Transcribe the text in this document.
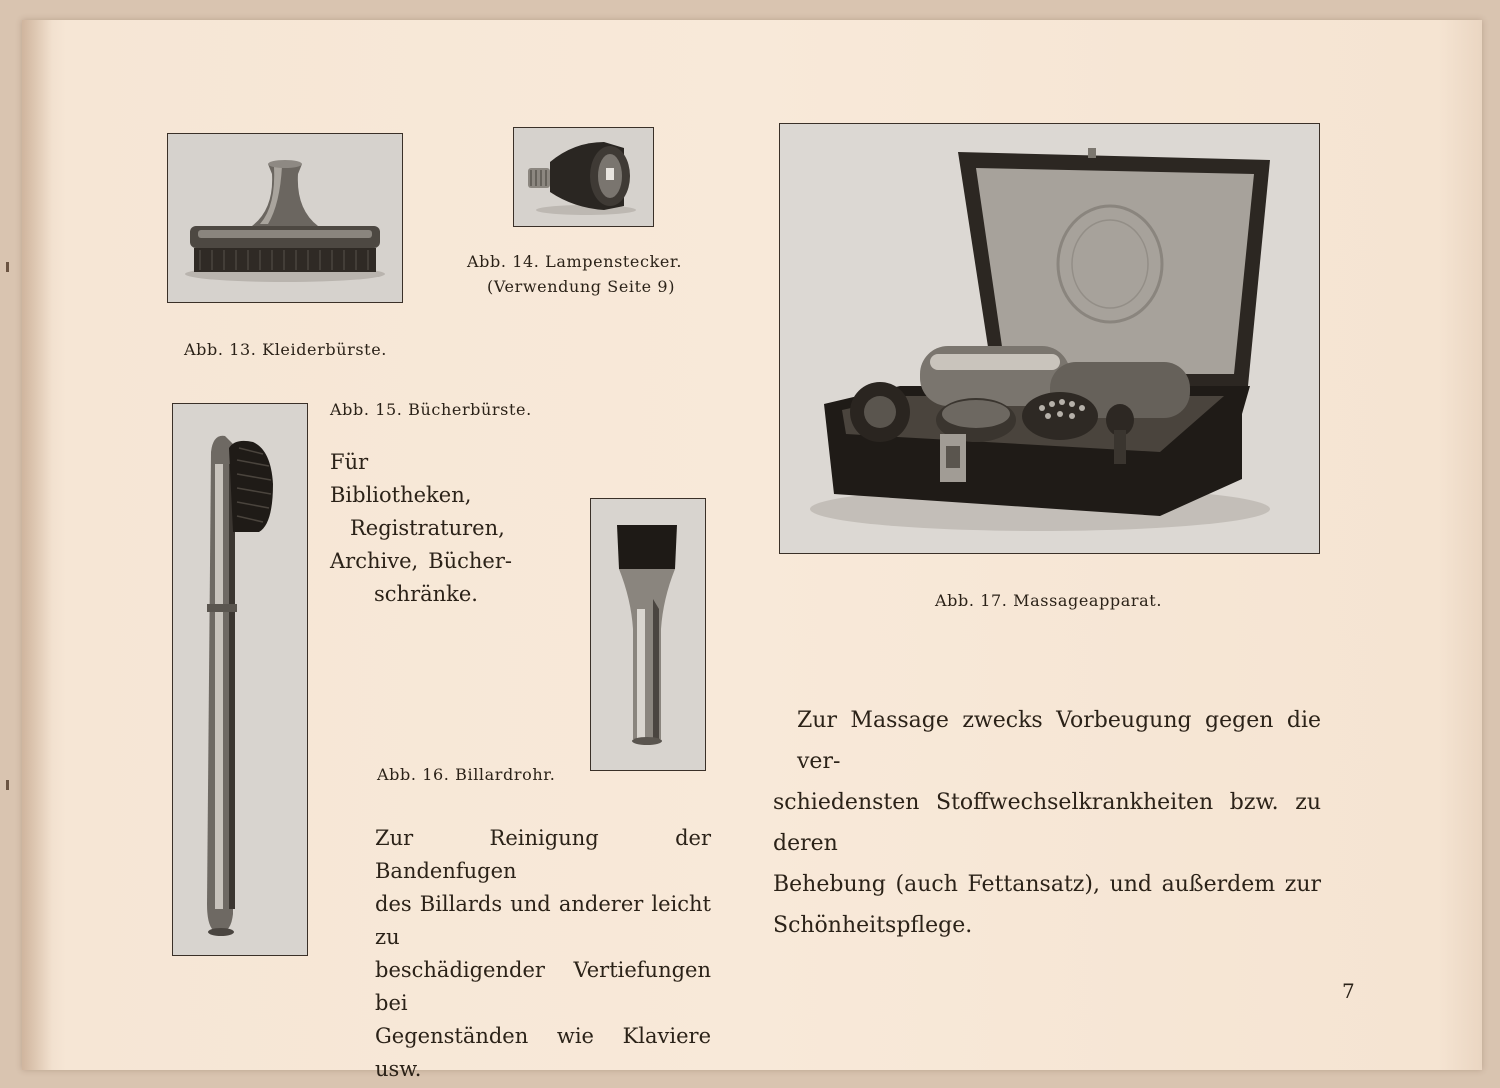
Abb. 13. Kleiderbürste.
Abb. 14. Lampenstecker.
(Verwendung Seite 9)
Abb. 15. Bücherbürste.
Für Bibliotheken,
Registraturen,
Archive, Bücher-
schränke.
Abb. 16. Billardrohr.
Zur Reinigung der Bandenfugen
des Billards und anderer leicht zu
beschädigender Vertiefungen bei
Gegenständen wie Klaviere usw.
Abb. 17. Massageapparat.
Zur Massage zwecks Vorbeugung gegen die ver-
schiedensten Stoffwechselkrankheiten bzw. zu deren
Behebung (auch Fettansatz), und außerdem zur
Schönheitspflege.
7
